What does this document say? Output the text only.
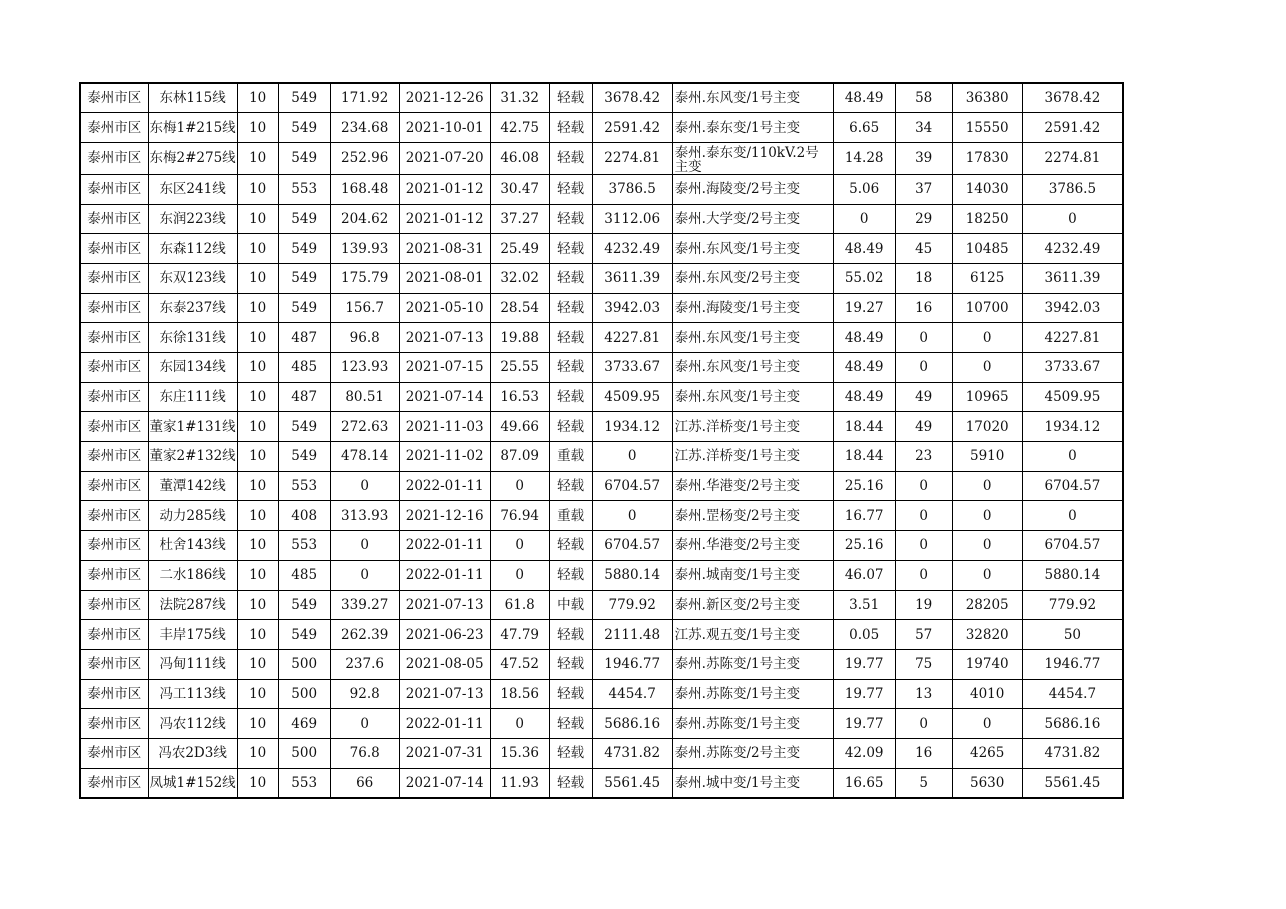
泰州市区	东林115线	10	549	171.92	2021-12-26	31.32	轻载	3678.42	泰州.东风变/1号主变	48.49	58	36380	3678.42
泰州市区	东梅1#215线	10	549	234.68	2021-10-01	42.75	轻载	2591.42	泰州.泰东变/1号主变	6.65	34	15550	2591.42
泰州市区	东梅2#275线	10	549	252.96	2021-07-20	46.08	轻载	2274.81	泰州.泰东变/110kV.2号主变	14.28	39	17830	2274.81
泰州市区	东区241线	10	553	168.48	2021-01-12	30.47	轻载	3786.5	泰州.海陵变/2号主变	5.06	37	14030	3786.5
泰州市区	东润223线	10	549	204.62	2021-01-12	37.27	轻载	3112.06	泰州.大学变/2号主变	0	29	18250	0
泰州市区	东森112线	10	549	139.93	2021-08-31	25.49	轻载	4232.49	泰州.东风变/1号主变	48.49	45	10485	4232.49
泰州市区	东双123线	10	549	175.79	2021-08-01	32.02	轻载	3611.39	泰州.东风变/2号主变	55.02	18	6125	3611.39
泰州市区	东泰237线	10	549	156.7	2021-05-10	28.54	轻载	3942.03	泰州.海陵变/1号主变	19.27	16	10700	3942.03
泰州市区	东徐131线	10	487	96.8	2021-07-13	19.88	轻载	4227.81	泰州.东风变/1号主变	48.49	0	0	4227.81
泰州市区	东园134线	10	485	123.93	2021-07-15	25.55	轻载	3733.67	泰州.东风变/1号主变	48.49	0	0	3733.67
泰州市区	东庄111线	10	487	80.51	2021-07-14	16.53	轻载	4509.95	泰州.东风变/1号主变	48.49	49	10965	4509.95
泰州市区	董家1#131线	10	549	272.63	2021-11-03	49.66	轻载	1934.12	江苏.洋桥变/1号主变	18.44	49	17020	1934.12
泰州市区	董家2#132线	10	549	478.14	2021-11-02	87.09	重载	0	江苏.洋桥变/1号主变	18.44	23	5910	0
泰州市区	董潭142线	10	553	0	2022-01-11	0	轻载	6704.57	泰州.华港变/2号主变	25.16	0	0	6704.57
泰州市区	动力285线	10	408	313.93	2021-12-16	76.94	重载	0	泰州.罡杨变/2号主变	16.77	0	0	0
泰州市区	杜舍143线	10	553	0	2022-01-11	0	轻载	6704.57	泰州.华港变/2号主变	25.16	0	0	6704.57
泰州市区	二水186线	10	485	0	2022-01-11	0	轻载	5880.14	泰州.城南变/1号主变	46.07	0	0	5880.14
泰州市区	法院287线	10	549	339.27	2021-07-13	61.8	中载	779.92	泰州.新区变/2号主变	3.51	19	28205	779.92
泰州市区	丰岸175线	10	549	262.39	2021-06-23	47.79	轻载	2111.48	江苏.观五变/1号主变	0.05	57	32820	50
泰州市区	冯甸111线	10	500	237.6	2021-08-05	47.52	轻载	1946.77	泰州.苏陈变/1号主变	19.77	75	19740	1946.77
泰州市区	冯工113线	10	500	92.8	2021-07-13	18.56	轻载	4454.7	泰州.苏陈变/1号主变	19.77	13	4010	4454.7
泰州市区	冯农112线	10	469	0	2022-01-11	0	轻载	5686.16	泰州.苏陈变/1号主变	19.77	0	0	5686.16
泰州市区	冯农2D3线	10	500	76.8	2021-07-31	15.36	轻载	4731.82	泰州.苏陈变/2号主变	42.09	16	4265	4731.82
泰州市区	凤城1#152线	10	553	66	2021-07-14	11.93	轻载	5561.45	泰州.城中变/1号主变	16.65	5	5630	5561.45
